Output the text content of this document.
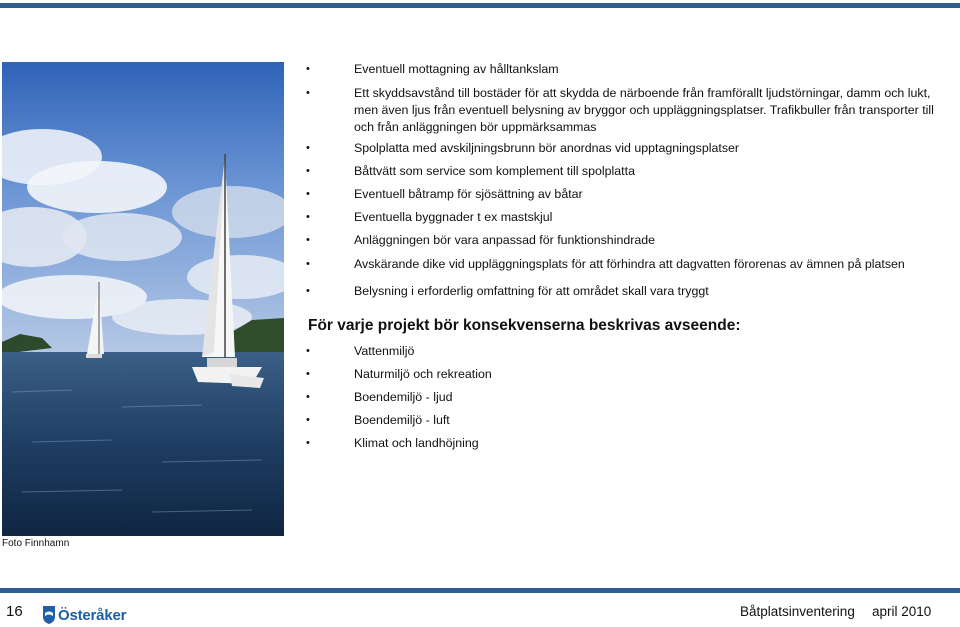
Foto Finnhamn
•	Eventuell mottagning av hålltankslam
•	Ett skyddsavstånd till bostäder för att skydda de närboende från framförallt ljudstörningar, damm och lukt, men även ljus från eventuell belysning av bryggor och uppläggningsplatser. Trafikbuller från transporter till och från anläggningen bör uppmärksammas
•	Spolplatta med avskiljningsbrunn bör anordnas vid upptagningsplatser
•	Båttvätt som service som komplement till spolplatta
•	Eventuell båtramp för sjösättning av båtar
•	Eventuella byggnader t ex mastskjul
•	Anläggningen bör vara anpassad för funktionshindrade
•	Avskärande dike vid uppläggningsplats för att förhindra att dagvatten förorenas av ämnen på platsen
•	Belysning i erforderlig omfattning för att området skall vara tryggt
För varje projekt bör konsekvenserna beskrivas avseende:
•	Vattenmiljö
•	Naturmiljö och rekreation
•	Boendemiljö - ljud
•	Boendemiljö - luft
•	Klimat och landhöjning
16 Österåker	Båtplatsinventering april 2010
